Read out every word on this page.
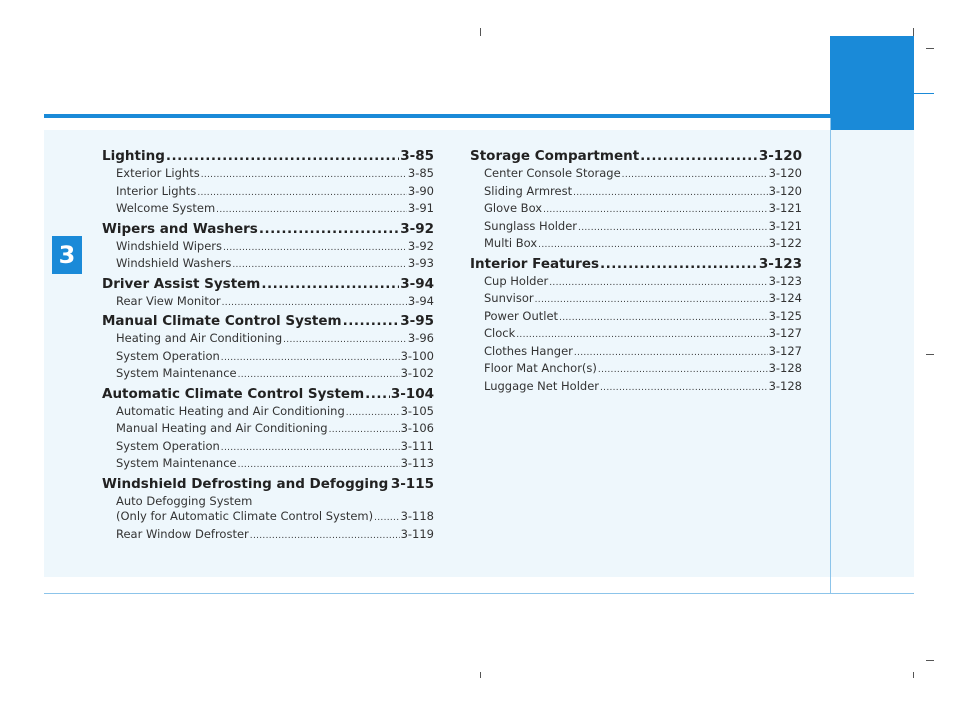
3
Lighting .....	3-85
Exterior Lights .....	3-85
Interior Lights .....	3-90
Welcome System .....	3-91
Wipers and Washers .....	3-92
Windshield Wipers .....	3-92
Windshield Washers .....	3-93
Driver Assist System .....	3-94
Rear View Monitor .....	3-94
Manual Climate Control System .....	3-95
Heating and Air Conditioning .....	3-96
System Operation .....	3-100
System Maintenance .....	3-102
Automatic Climate Control System ..... 3-104
Automatic Heating and Air Conditioning .....	3-105
Manual Heating and Air Conditioning .....	3-106
System Operation .....	3-111
System Maintenance .....	3-113
Windshield Defrosting and Defogging ..... 3-115
Auto Defogging System
(Only for Automatic Climate Control System) ..... 3-118
Rear Window Defroster .....	3-119
Storage Compartment .....	3-120
Center Console Storage .....	3-120
Sliding Armrest .....	3-120
Glove Box .....	3-121
Sunglass Holder .....	3-121
Multi Box .....	3-122
Interior Features .....	3-123
Cup Holder .....	3-123
Sunvisor .....	3-124
Power Outlet .....	3-125
Clock .....	3-127
Clothes Hanger .....	3-127
Floor Mat Anchor(s) .....	3-128
Luggage Net Holder .....	3-128
